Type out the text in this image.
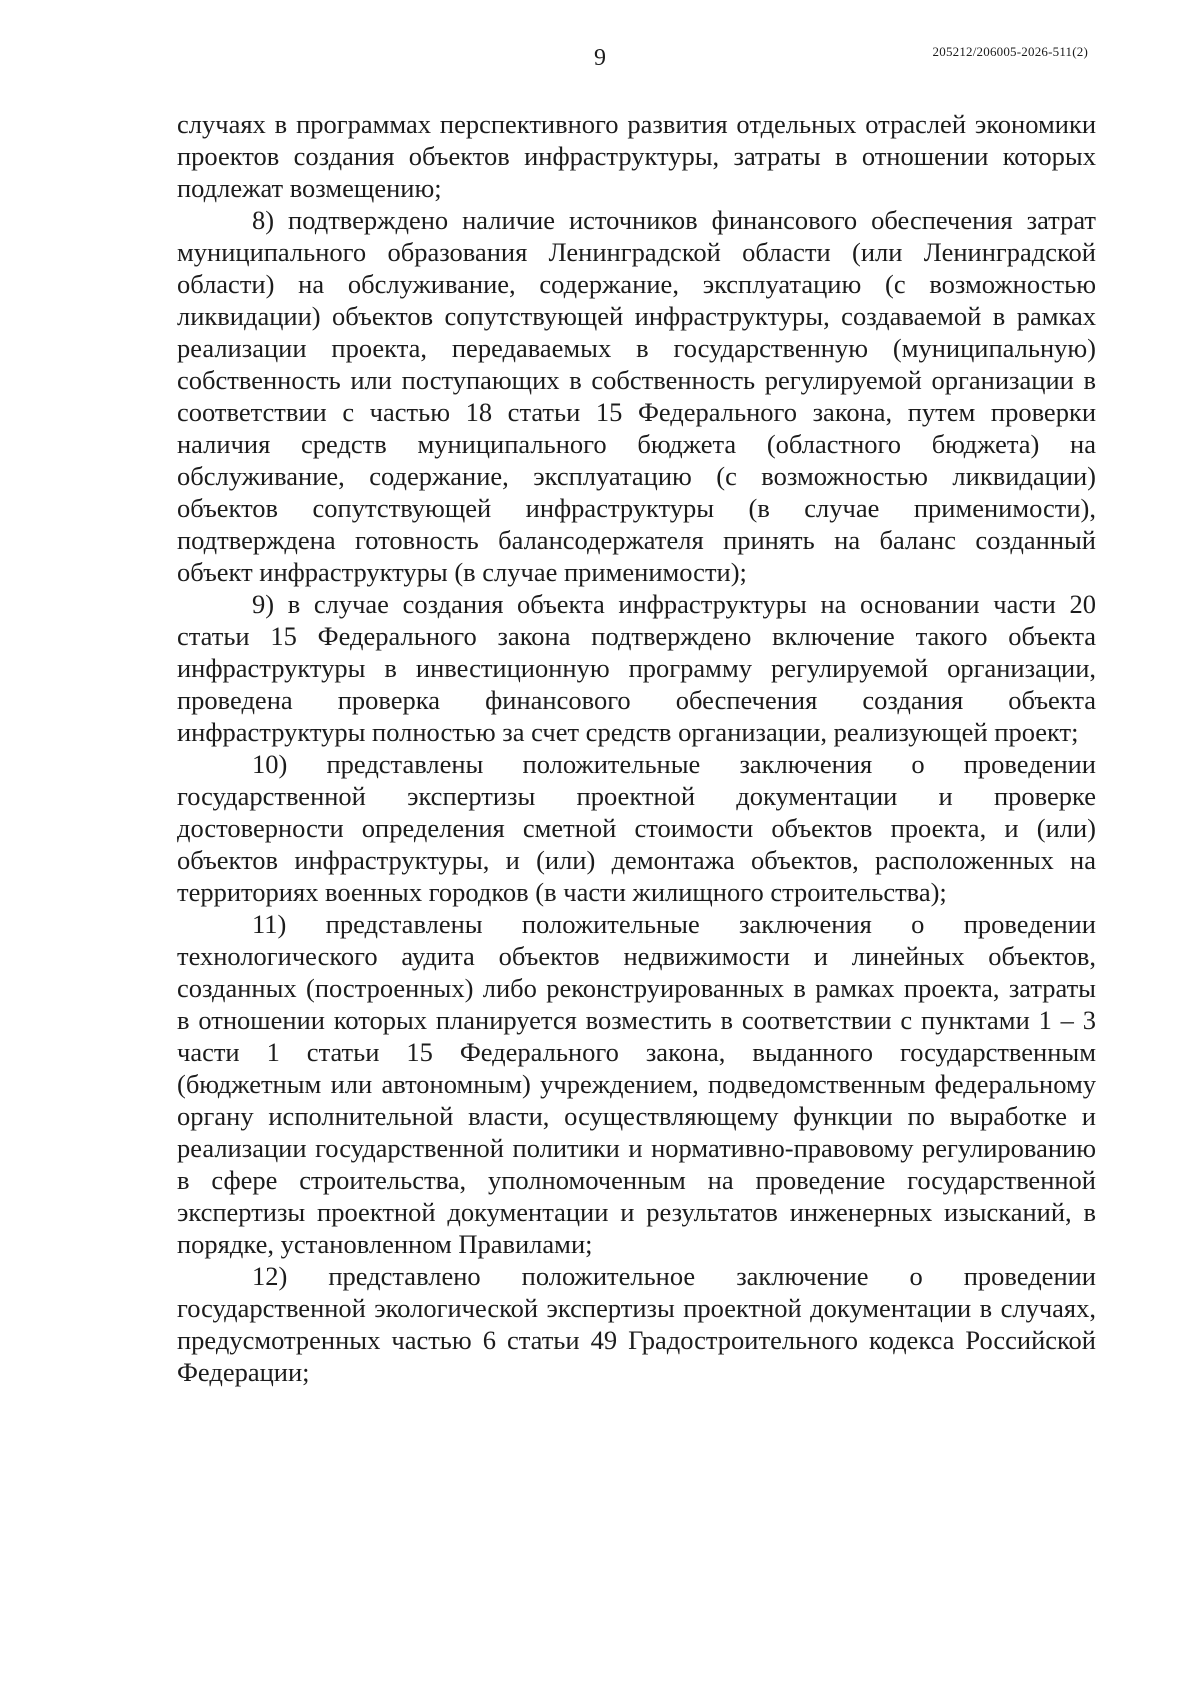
9	205212/206005-2026-511(2)

случаях в программах перспективного развития отдельных отраслей экономики проектов создания объектов инфраструктуры, затраты в отношении которых подлежат возмещению;

8) подтверждено наличие источников финансового обеспечения затрат муниципального образования Ленинградской области (или Ленинградской области) на обслуживание, содержание, эксплуатацию (с возможностью ликвидации) объектов сопутствующей инфраструктуры, создаваемой в рамках реализации проекта, передаваемых в государственную (муниципальную) собственность или поступающих в собственность регулируемой организации в соответствии с частью 18 статьи 15 Федерального закона, путем проверки наличия средств муниципального бюджета (областного бюджета) на обслуживание, содержание, эксплуатацию (с возможностью ликвидации) объектов сопутствующей инфраструктуры (в случае применимости), подтверждена готовность балансодержателя принять на баланс созданный объект инфраструктуры (в случае применимости);

9) в случае создания объекта инфраструктуры на основании части 20 статьи 15 Федерального закона подтверждено включение такого объекта инфраструктуры в инвестиционную программу регулируемой организации, проведена проверка финансового обеспечения создания объекта инфраструктуры полностью за счет средств организации, реализующей проект;

10) представлены положительные заключения о проведении государственной экспертизы проектной документации и проверке достоверности определения сметной стоимости объектов проекта, и (или) объектов инфраструктуры, и (или) демонтажа объектов, расположенных на территориях военных городков (в части жилищного строительства);

11) представлены положительные заключения о проведении технологического аудита объектов недвижимости и линейных объектов, созданных (построенных) либо реконструированных в рамках проекта, затраты в отношении которых планируется возместить в соответствии с пунктами 1 – 3 части 1 статьи 15 Федерального закона, выданного государственным (бюджетным или автономным) учреждением, подведомственным федеральному органу исполнительной власти, осуществляющему функции по выработке и реализации государственной политики и нормативно-правовому регулированию в сфере строительства, уполномоченным на проведение государственной экспертизы проектной документации и результатов инженерных изысканий, в порядке, установленном Правилами;

12) представлено положительное заключение о проведении государственной экологической экспертизы проектной документации в случаях, предусмотренных частью 6 статьи 49 Градостроительного кодекса Российской Федерации;
